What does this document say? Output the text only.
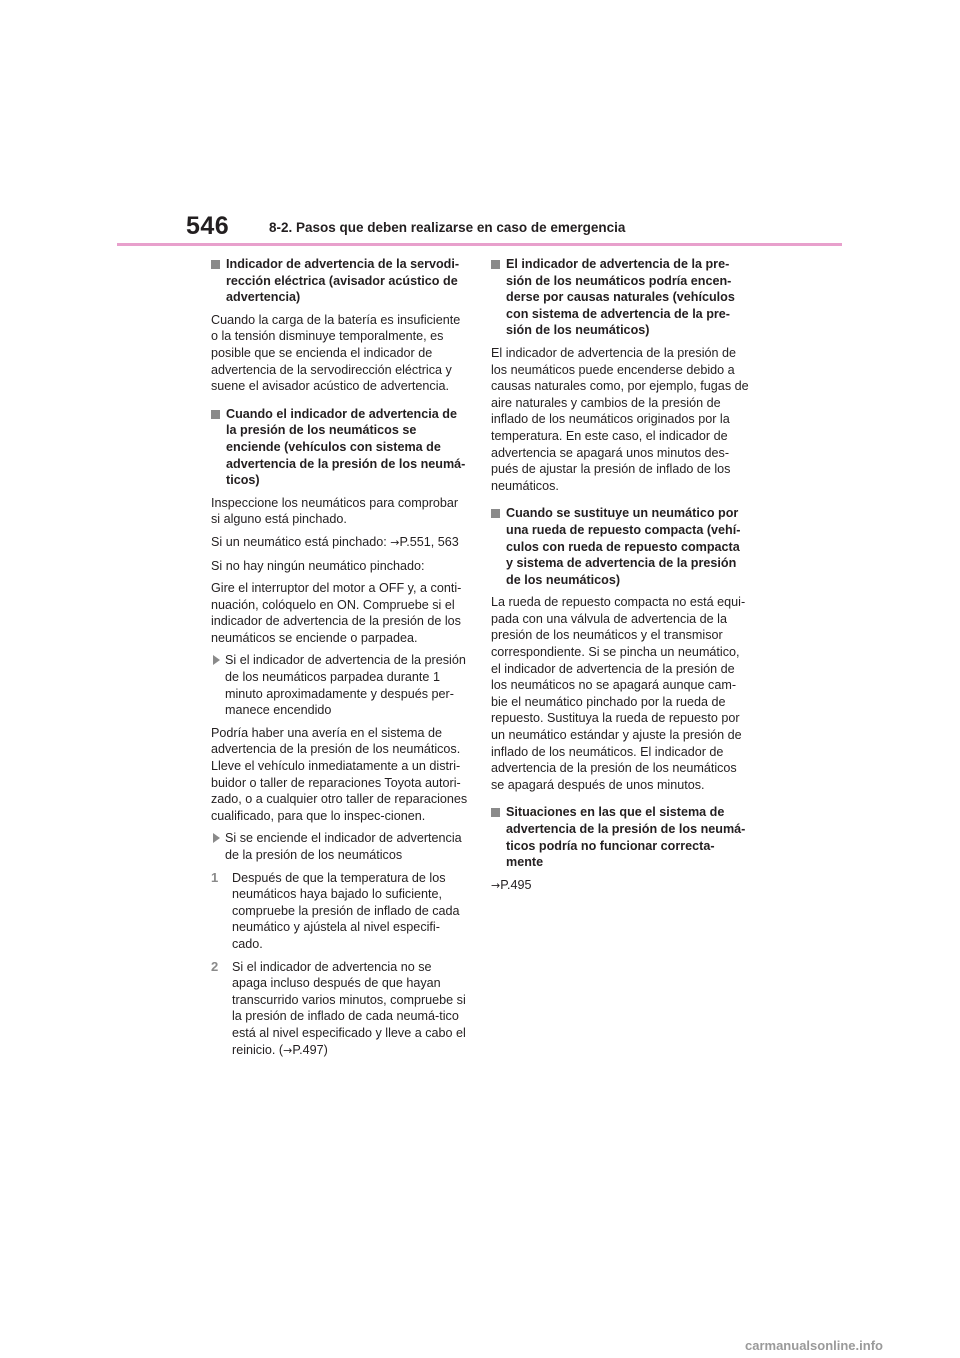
546	8-2. Pasos que deben realizarse en caso de emergencia
Indicador de advertencia de la servodi-rección eléctrica (avisador acústico de advertencia)

Cuando la carga de la batería es insuficiente o la tensión disminuye temporalmente, es posible que se encienda el indicador de advertencia de la servodirección eléctrica y suene el avisador acústico de advertencia.

Cuando el indicador de advertencia de la presión de los neumáticos se enciende (vehículos con sistema de advertencia de la presión de los neumá-ticos)

Inspeccione los neumáticos para comprobar si alguno está pinchado.

Si un neumático está pinchado: →P.551, 563

Si no hay ningún neumático pinchado:

Gire el interruptor del motor a OFF y, a conti-nuación, colóquelo en ON. Compruebe si el indicador de advertencia de la presión de los neumáticos se enciende o parpadea.

Si el indicador de advertencia de la presión de los neumáticos parpadea durante 1 minuto aproximadamente y después per-manece encendido

Podría haber una avería en el sistema de advertencia de la presión de los neumáticos. Lleve el vehículo inmediatamente a un distri-buidor o taller de reparaciones Toyota autori-zado, o a cualquier otro taller de reparaciones cualificado, para que lo inspec-cionen.

Si se enciende el indicador de advertencia de la presión de los neumáticos
1 Después de que la temperatura de los neumáticos haya bajado lo suficiente, compruebe la presión de inflado de cada neumático y ajústela al nivel especifi-cado.
2 Si el indicador de advertencia no se apaga incluso después de que hayan transcurrido varios minutos, compruebe si la presión de inflado de cada neumá-tico está al nivel especificado y lleve a cabo el reinicio. (→P.497)
El indicador de advertencia de la pre-sión de los neumáticos podría encen-derse por causas naturales (vehículos con sistema de advertencia de la pre-sión de los neumáticos)

El indicador de advertencia de la presión de los neumáticos puede encenderse debido a causas naturales como, por ejemplo, fugas de aire naturales y cambios de la presión de inflado de los neumáticos originados por la temperatura. En este caso, el indicador de advertencia se apagará unos minutos des-pués de ajustar la presión de inflado de los neumáticos.

Cuando se sustituye un neumático por una rueda de repuesto compacta (vehí-culos con rueda de repuesto compacta y sistema de advertencia de la presión de los neumáticos)

La rueda de repuesto compacta no está equi-pada con una válvula de advertencia de la presión de los neumáticos y el transmisor correspondiente. Si se pincha un neumático, el indicador de advertencia de la presión de los neumáticos no se apagará aunque cam-bie el neumático pinchado por la rueda de repuesto. Sustituya la rueda de repuesto por un neumático estándar y ajuste la presión de inflado de los neumáticos. El indicador de advertencia de la presión de los neumáticos se apagará después de unos minutos.

Situaciones en las que el sistema de advertencia de la presión de los neumá-ticos podría no funcionar correcta-mente

→P.495

carmanualsonline.info
